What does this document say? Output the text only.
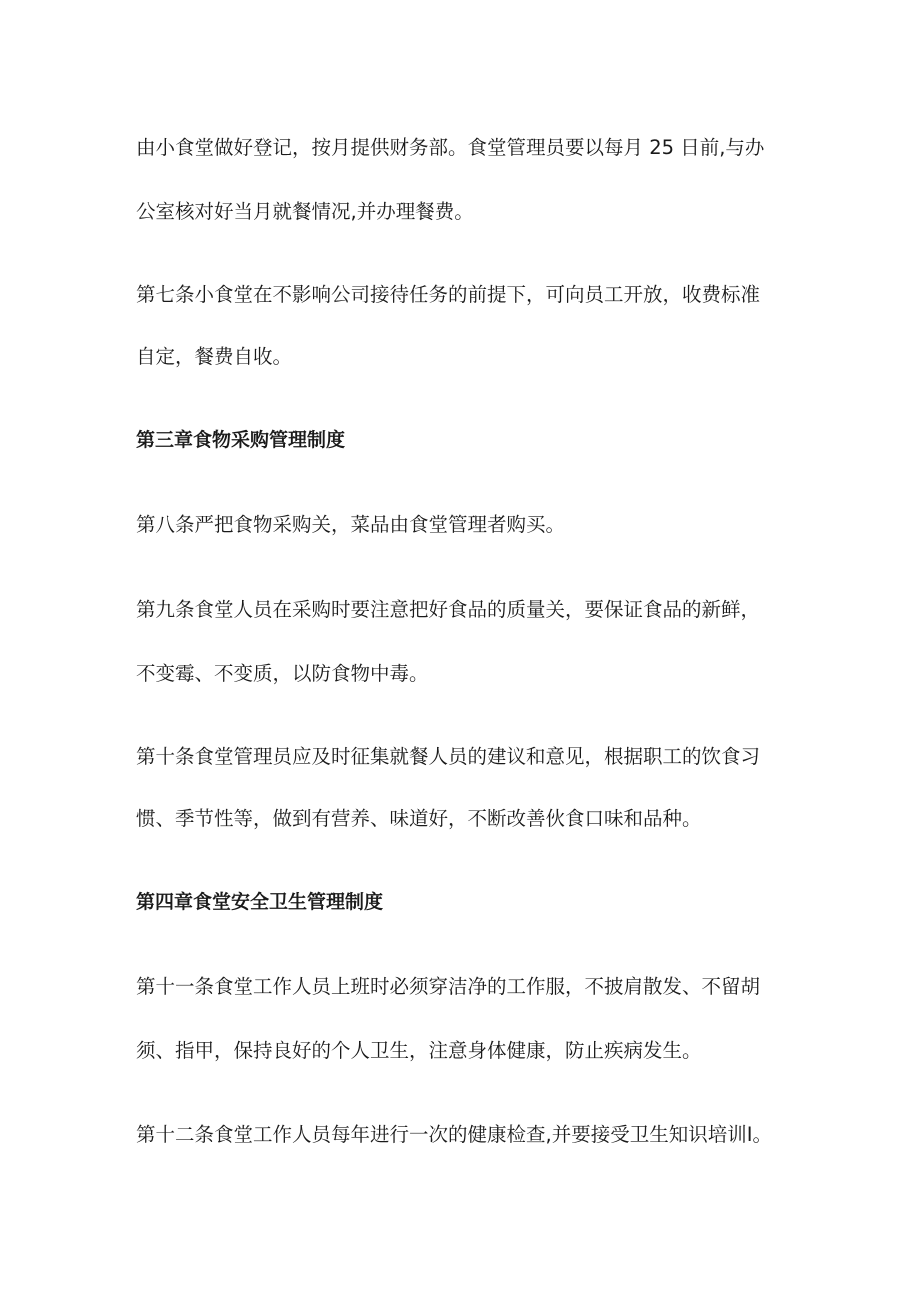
由小食堂做好登记，按月提供财务部。食堂管理员要以每月 25 日前,与办
公室核对好当月就餐情况,并办理餐费。
第七条小食堂在不影响公司接待任务的前提下，可向员工开放，收费标准
自定，餐费自收。
第三章食物采购管理制度
第八条严把食物采购关，菜品由食堂管理者购买。
第九条食堂人员在采购时要注意把好食品的质量关，要保证食品的新鲜，
不变霉、不变质，以防食物中毒。
第十条食堂管理员应及时征集就餐人员的建议和意见，根据职工的饮食习
惯、季节性等，做到有营养、味道好，不断改善伙食口味和品种。
第四章食堂安全卫生管理制度
第十一条食堂工作人员上班时必须穿洁净的工作服，不披肩散发、不留胡
须、指甲，保持良好的个人卫生，注意身体健康，防止疾病发生。
第十二条食堂工作人员每年进行一次的健康检查,并要接受卫生知识培训I。
